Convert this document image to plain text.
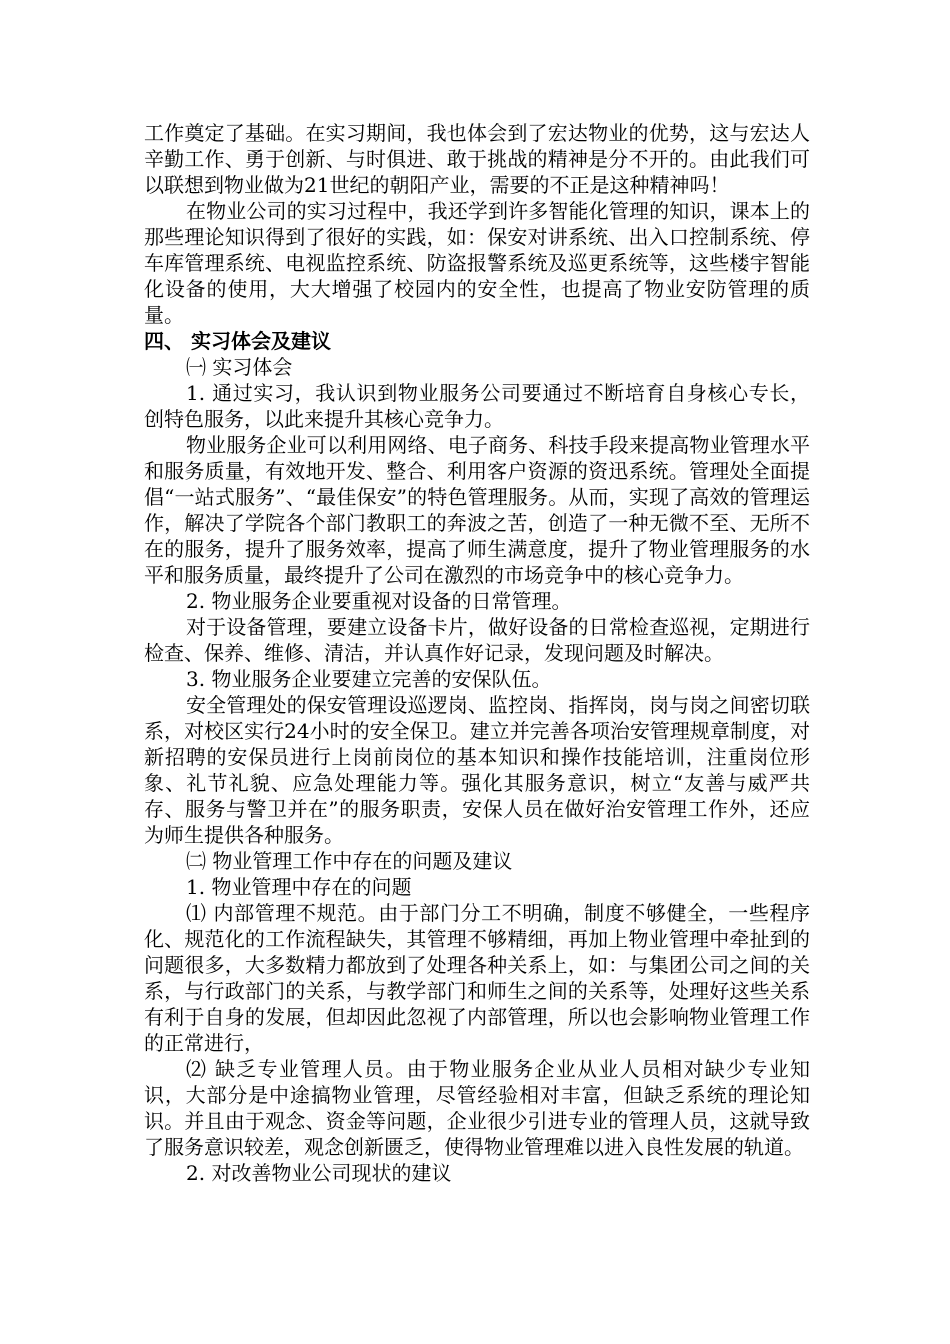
工作奠定了基础。在实习期间，我也体会到了宏达物业的优势，这与宏达人辛勤工作、勇于创新、与时俱进、敢于挑战的精神是分不开的。由此我们可以联想到物业做为21世纪的朝阳产业，需要的不正是这种精神吗！

在物业公司的实习过程中，我还学到许多智能化管理的知识，课本上的那些理论知识得到了很好的实践，如：保安对讲系统、出入口控制系统、停车库管理系统、电视监控系统、防盗报警系统及巡更系统等，这些楼宇智能化设备的使用，大大增强了校园内的安全性，也提高了物业安防管理的质量。

四、 实习体会及建议

㈠ 实习体会

1. 通过实习，我认识到物业服务公司要通过不断培育自身核心专长，创特色服务，以此来提升其核心竞争力。

物业服务企业可以利用网络、电子商务、科技手段来提高物业管理水平和服务质量，有效地开发、整合、利用客户资源的资迅系统。管理处全面提倡“一站式服务”、“最佳保安”的特色管理服务。从而，实现了高效的管理运作，解决了学院各个部门教职工的奔波之苦，创造了一种无微不至、无所不在的服务，提升了服务效率，提高了师生满意度，提升了物业管理服务的水平和服务质量，最终提升了公司在激烈的市场竞争中的核心竞争力。

2. 物业服务企业要重视对设备的日常管理。

对于设备管理，要建立设备卡片，做好设备的日常检查巡视，定期进行检查、保养、维修、清洁，并认真作好记录，发现问题及时解决。

3. 物业服务企业要建立完善的安保队伍。

安全管理处的保安管理设巡逻岗、监控岗、指挥岗，岗与岗之间密切联系，对校区实行24小时的安全保卫。建立并完善各项治安管理规章制度，对新招聘的安保员进行上岗前岗位的基本知识和操作技能培训，注重岗位形象、礼节礼貌、应急处理能力等。强化其服务意识，树立“友善与威严共存、服务与警卫并在”的服务职责，安保人员在做好治安管理工作外，还应为师生提供各种服务。

㈡ 物业管理工作中存在的问题及建议

1. 物业管理中存在的问题

⑴ 内部管理不规范。由于部门分工不明确，制度不够健全，一些程序化、规范化的工作流程缺失，其管理不够精细，再加上物业管理中牵扯到的问题很多，大多数精力都放到了处理各种关系上，如：与集团公司之间的关系，与行政部门的关系，与教学部门和师生之间的关系等，处理好这些关系有利于自身的发展，但却因此忽视了内部管理，所以也会影响物业管理工作的正常进行，

⑵ 缺乏专业管理人员。由于物业服务企业从业人员相对缺少专业知识，大部分是中途搞物业管理，尽管经验相对丰富，但缺乏系统的理论知识。并且由于观念、资金等问题，企业很少引进专业的管理人员，这就导致了服务意识较差，观念创新匮乏，使得物业管理难以进入良性发展的轨道。

2. 对改善物业公司现状的建议
